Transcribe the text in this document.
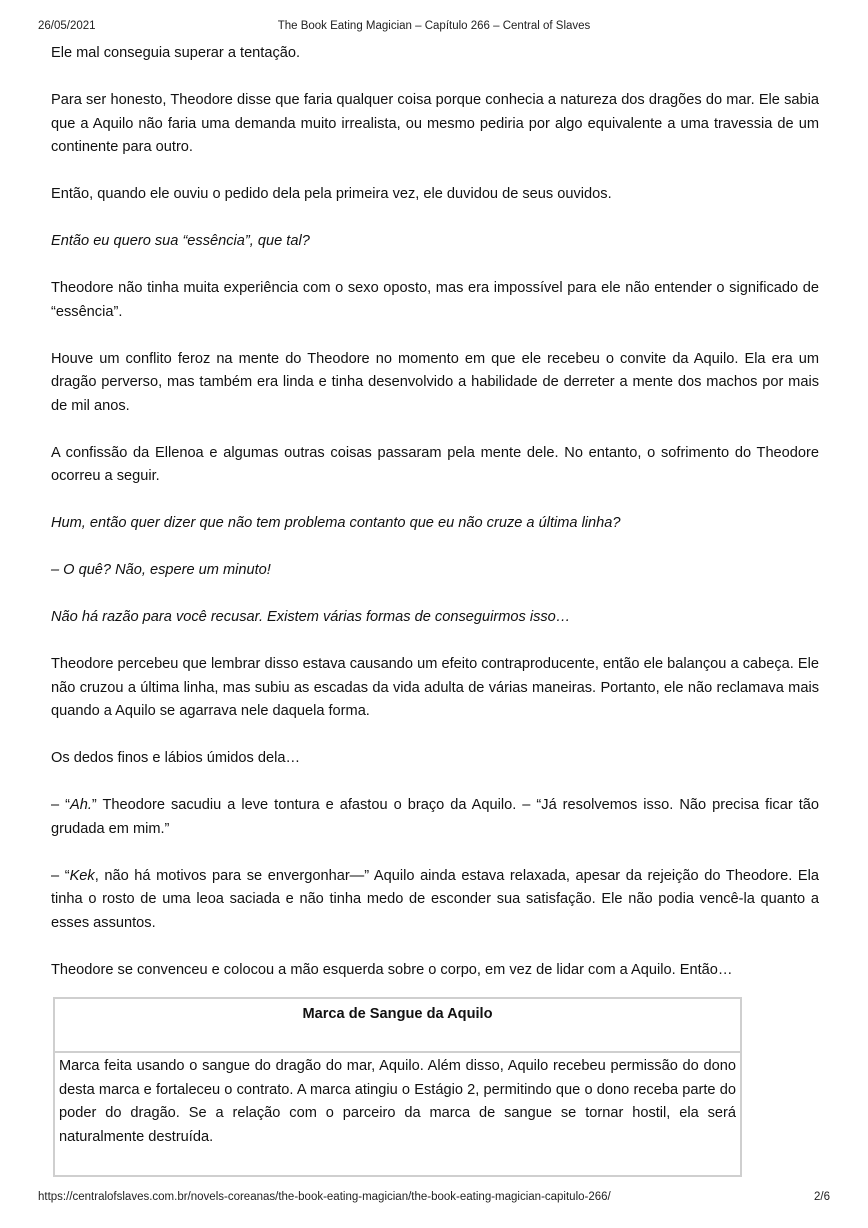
26/05/2021	The Book Eating Magician – Capítulo 266 – Central of Slaves

Ele mal conseguia superar a tentação.

Para ser honesto, Theodore disse que faria qualquer coisa porque conhecia a natureza dos dragões do mar. Ele sabia que a Aquilo não faria uma demanda muito irrealista, ou mesmo pediria por algo equivalente a uma travessia de um continente para outro.

Então, quando ele ouviu o pedido dela pela primeira vez, ele duvidou de seus ouvidos.

Então eu quero sua “essência”, que tal?

Theodore não tinha muita experiência com o sexo oposto, mas era impossível para ele não entender o significado de “essência”.

Houve um conflito feroz na mente do Theodore no momento em que ele recebeu o convite da Aquilo. Ela era um dragão perverso, mas também era linda e tinha desenvolvido a habilidade de derreter a mente dos machos por mais de mil anos.

A confissão da Ellenoa e algumas outras coisas passaram pela mente dele. No entanto, o sofrimento do Theodore ocorreu a seguir.

Hum, então quer dizer que não tem problema contanto que eu não cruze a última linha?

– O quê? Não, espere um minuto!

Não há razão para você recusar. Existem várias formas de conseguirmos isso…

Theodore percebeu que lembrar disso estava causando um efeito contraproducente, então ele balançou a cabeça. Ele não cruzou a última linha, mas subiu as escadas da vida adulta de várias maneiras. Portanto, ele não reclamava mais quando a Aquilo se agarrava nele daquela forma.

Os dedos finos e lábios úmidos dela…

– “Ah.” Theodore sacudiu a leve tontura e afastou o braço da Aquilo. – “Já resolvemos isso. Não precisa ficar tão grudada em mim.”

– “Kek, não há motivos para se envergonhar—” Aquilo ainda estava relaxada, apesar da rejeição do Theodore. Ela tinha o rosto de uma leoa saciada e não tinha medo de esconder sua satisfação. Ele não podia vencê-la quanto a esses assuntos.

Theodore se convenceu e colocou a mão esquerda sobre o corpo, em vez de lidar com a Aquilo. Então…

Marca de Sangue da Aquilo
Marca feita usando o sangue do dragão do mar, Aquilo. Além disso, Aquilo recebeu permissão do dono desta marca e fortaleceu o contrato. A marca atingiu o Estágio 2, permitindo que o dono receba parte do poder do dragão. Se a relação com o parceiro da marca de sangue se tornar hostil, ela será naturalmente destruída.
https://centralofslaves.com.br/novels-coreanas/the-book-eating-magician/the-book-eating-magician-capitulo-266/	2/6
